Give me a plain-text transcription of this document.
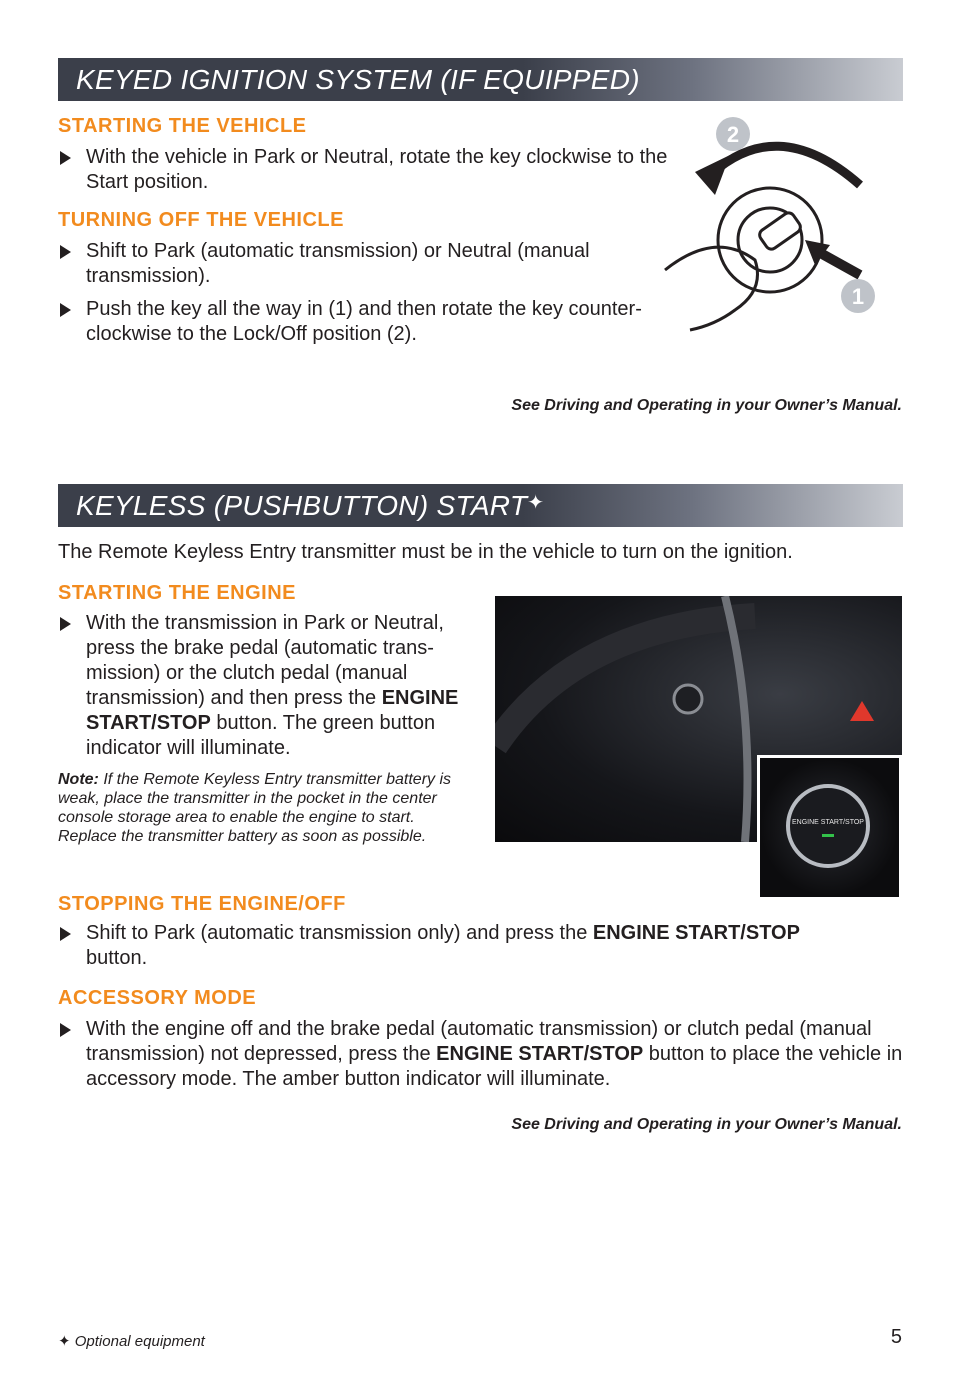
KEYED IGNITION SYSTEM (IF EQUIPPED)
STARTING THE VEHICLE
With the vehicle in Park or Neutral, rotate the key clockwise to the Start position.
TURNING OFF THE VEHICLE
Shift to Park (automatic transmission) or Neutral (manual transmission).
Push the key all the way in (1) and then rotate the key counter-clockwise to the Lock/Off position (2).
2
1
See Driving and Operating in your Owner’s Manual.
KEYLESS (PUSHBUTTON) START✦
The Remote Keyless Entry transmitter must be in the vehicle to turn on the ignition.
STARTING THE ENGINE
With the transmission in Park or Neutral, press the brake pedal (automatic trans-mission) or the clutch pedal (manual transmission) and then press the ENGINE START/STOP button. The green button indicator will illuminate.
Note: If the Remote Keyless Entry transmitter battery is weak, place the transmitter in the pocket in the center console storage area to enable the engine to start. Replace the transmitter battery as soon as possible.
ENGINE START/STOP
STOPPING THE ENGINE/OFF
Shift to Park (automatic transmission only) and press the ENGINE START/STOP button.
ACCESSORY MODE
With the engine off and the brake pedal (automatic transmission) or clutch pedal (manual transmission) not depressed, press the ENGINE START/STOP button to place the vehicle in accessory mode. The amber button indicator will illuminate.
See Driving and Operating in your Owner’s Manual.
✦ Optional equipment	5
